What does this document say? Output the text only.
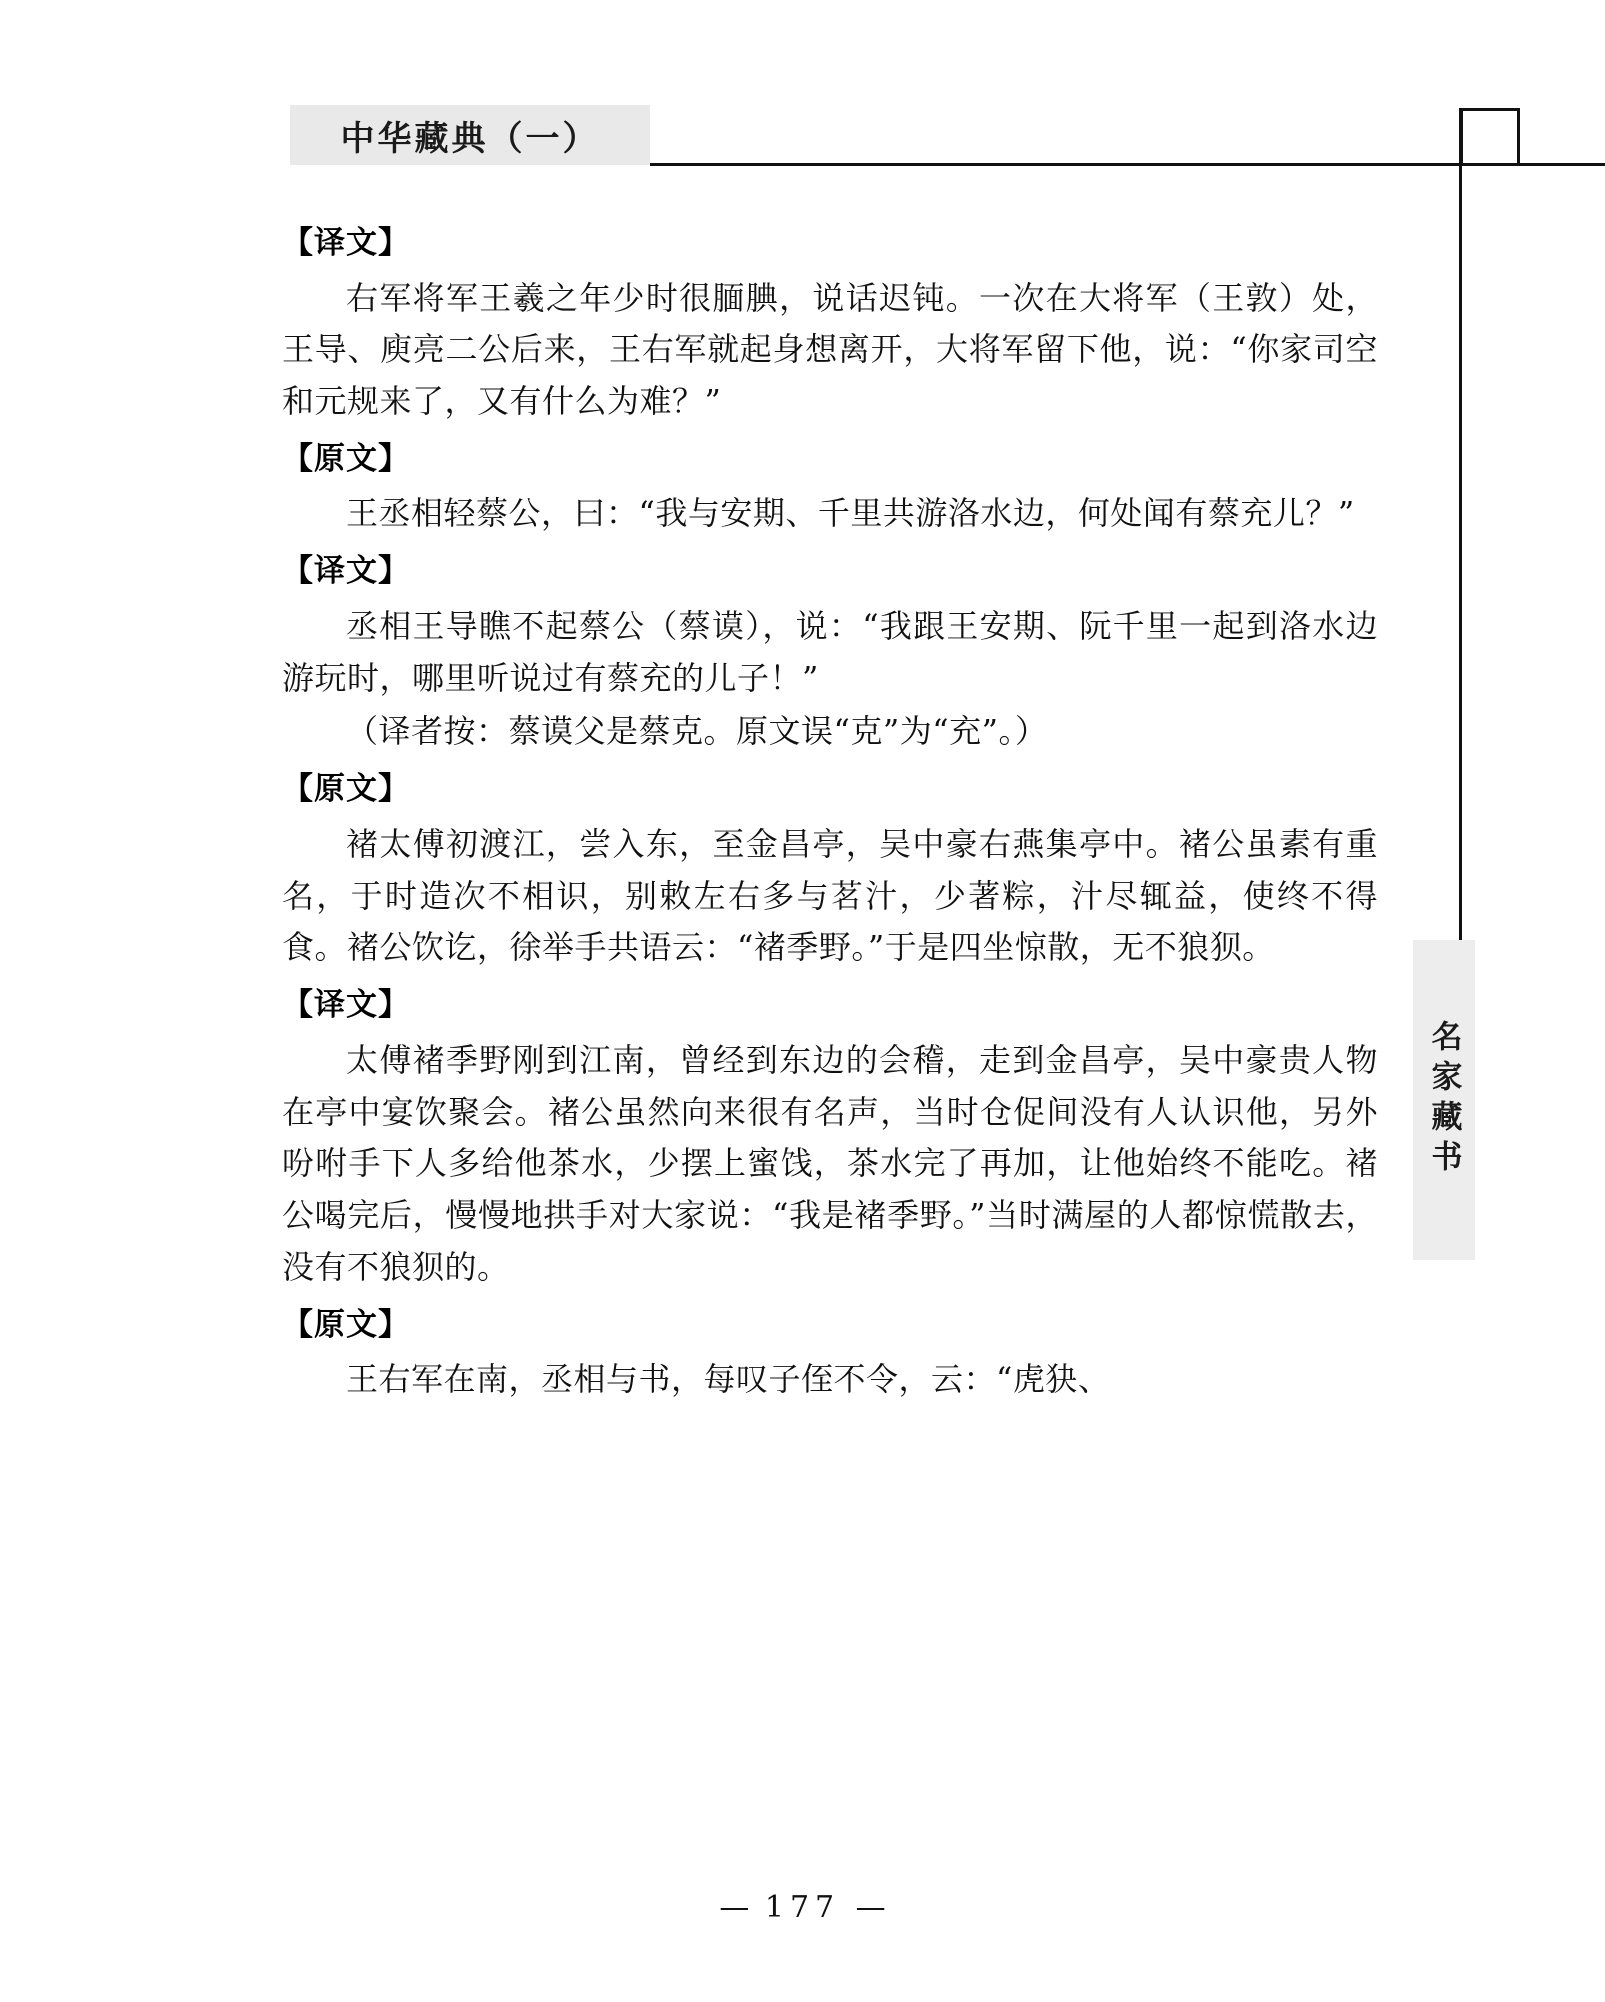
中华藏典（一）
名家藏书
【译文】

右军将军王羲之年少时很腼腆，说话迟钝。一次在大将军（王敦）处，王导、庾亮二公后来，王右军就起身想离开，大将军留下他，说：“你家司空和元规来了，又有什么为难？”

【原文】

王丞相轻蔡公，曰：“我与安期、千里共游洛水边，何处闻有蔡充儿？”

【译文】

丞相王导瞧不起蔡公（蔡谟），说：“我跟王安期、阮千里一起到洛水边游玩时，哪里听说过有蔡充的儿子！”

（译者按：蔡谟父是蔡克。原文误“克”为“充”。）

【原文】

褚太傅初渡江，尝入东，至金昌亭，吴中豪右燕集亭中。褚公虽素有重名，于时造次不相识，别敕左右多与茗汁，少著粽，汁尽辄益，使终不得食。褚公饮讫，徐举手共语云：“褚季野。”于是四坐惊散，无不狼狈。

【译文】

太傅褚季野刚到江南，曾经到东边的会稽，走到金昌亭，吴中豪贵人物在亭中宴饮聚会。褚公虽然向来很有名声，当时仓促间没有人认识他，另外吩咐手下人多给他茶水，少摆上蜜饯，茶水完了再加，让他始终不能吃。褚公喝完后，慢慢地拱手对大家说：“我是褚季野。”当时满屋的人都惊慌散去，没有不狼狈的。

【原文】

王右军在南，丞相与书，每叹子侄不令，云：“虎㹟、

— 177 —
